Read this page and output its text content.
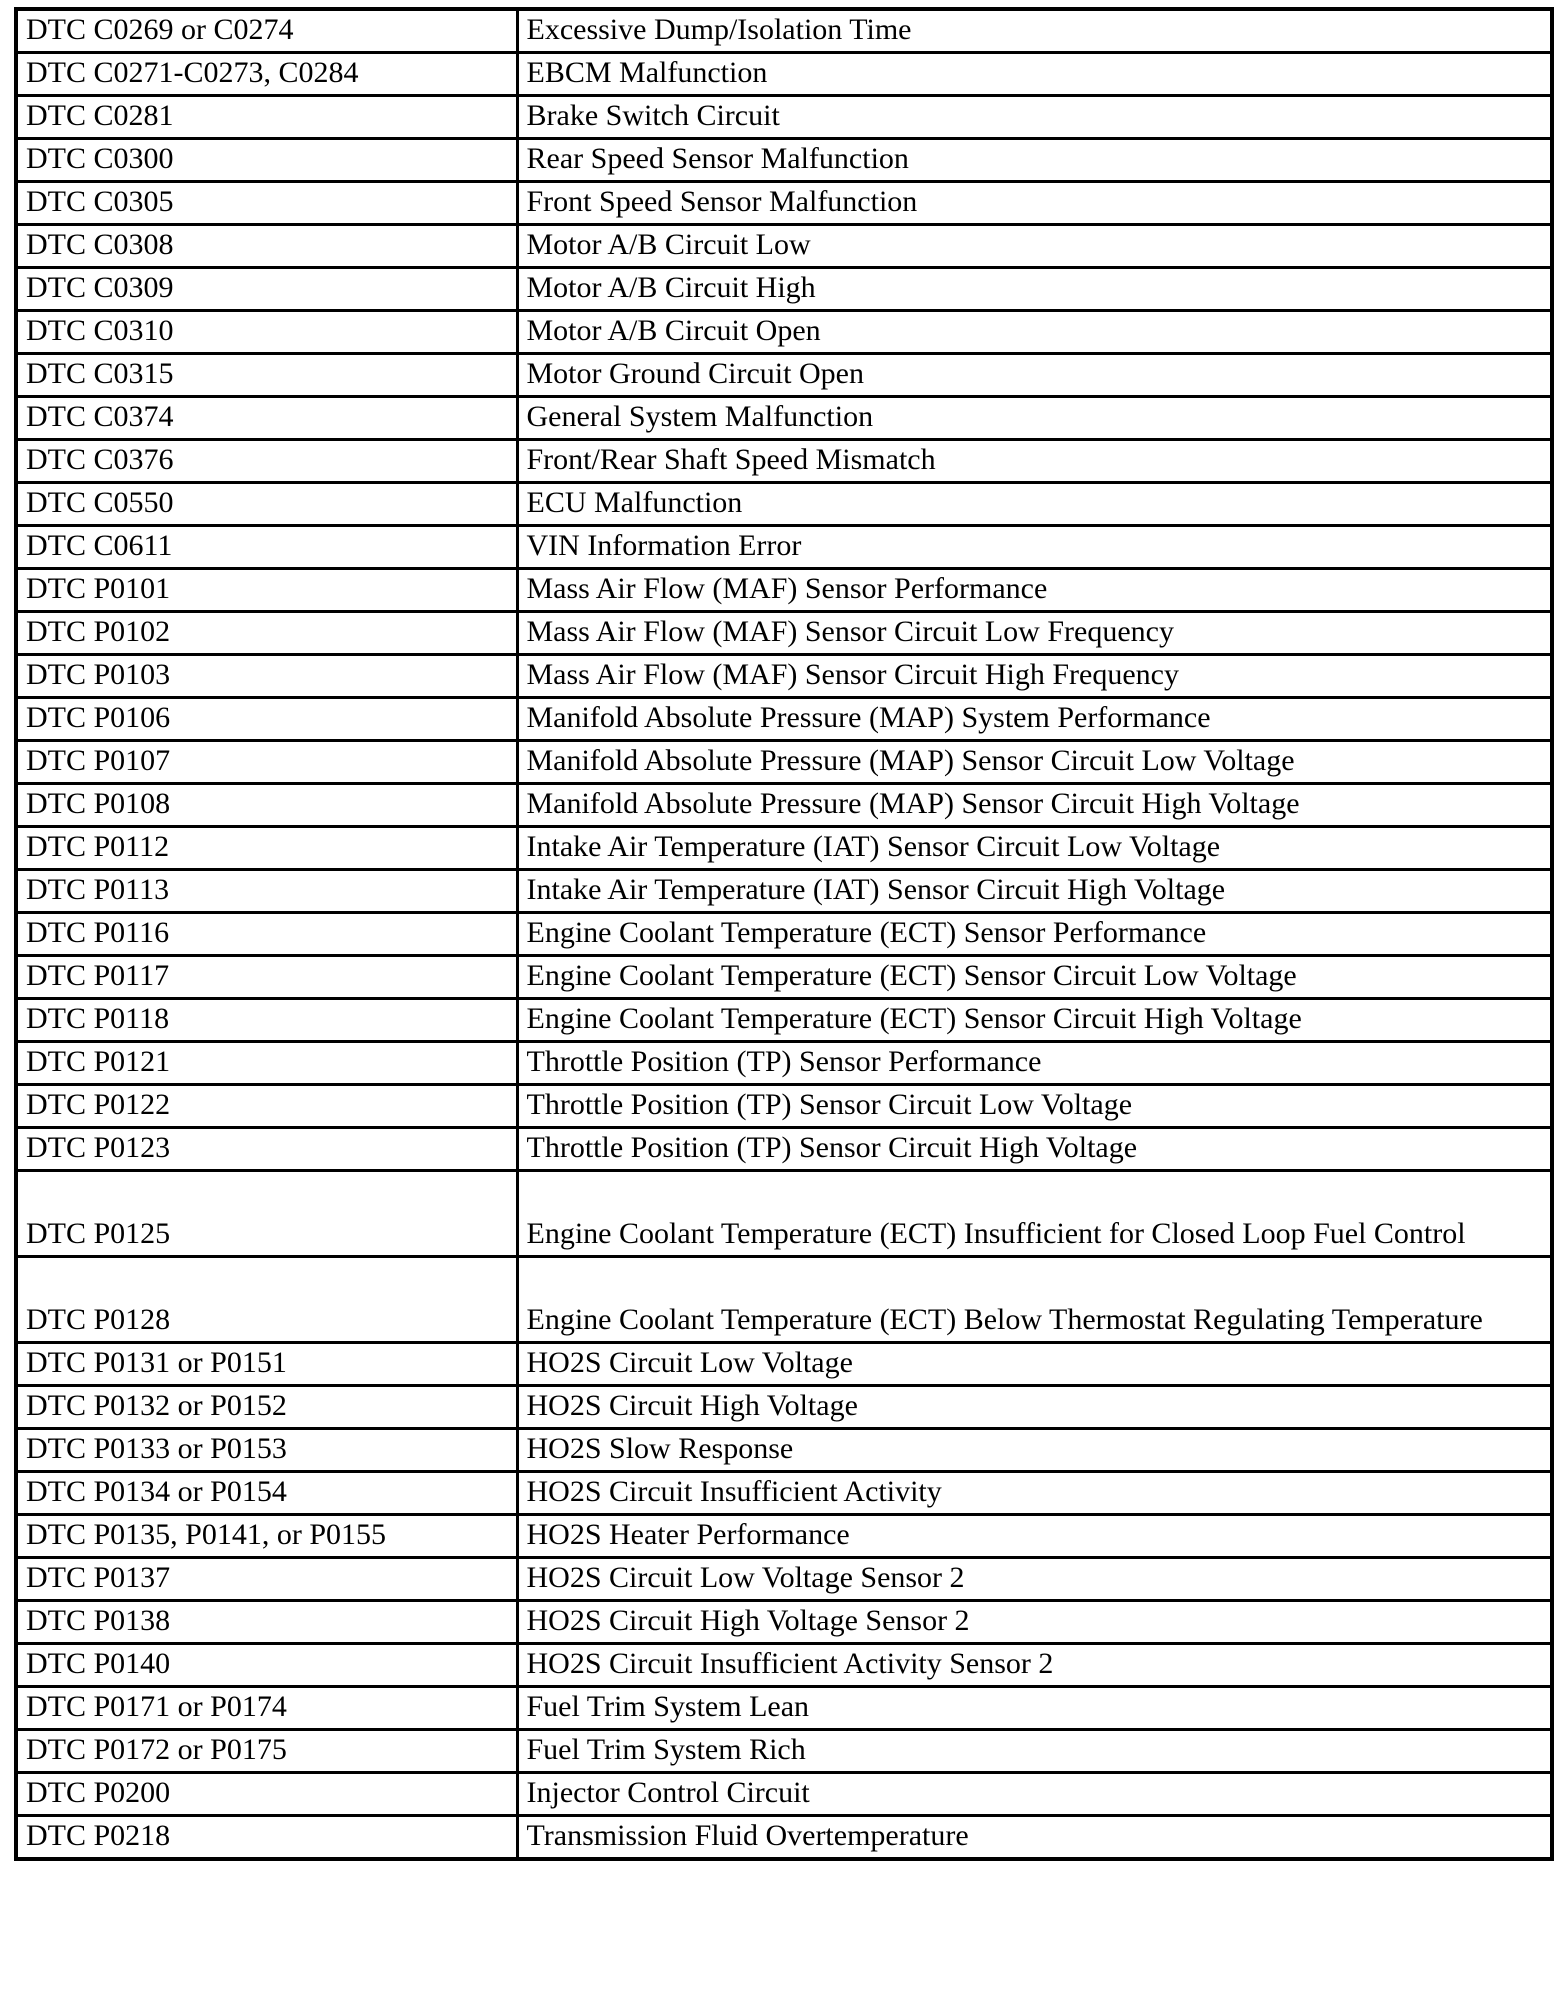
DTC C0269 or C0274	Excessive Dump/Isolation Time
DTC C0271-C0273, C0284	EBCM Malfunction
DTC C0281	Brake Switch Circuit
DTC C0300	Rear Speed Sensor Malfunction
DTC C0305	Front Speed Sensor Malfunction
DTC C0308	Motor A/B Circuit Low
DTC C0309	Motor A/B Circuit High
DTC C0310	Motor A/B Circuit Open
DTC C0315	Motor Ground Circuit Open
DTC C0374	General System Malfunction
DTC C0376	Front/Rear Shaft Speed Mismatch
DTC C0550	ECU Malfunction
DTC C0611	VIN Information Error
DTC P0101	Mass Air Flow (MAF) Sensor Performance
DTC P0102	Mass Air Flow (MAF) Sensor Circuit Low Frequency
DTC P0103	Mass Air Flow (MAF) Sensor Circuit High Frequency
DTC P0106	Manifold Absolute Pressure (MAP) System Performance
DTC P0107	Manifold Absolute Pressure (MAP) Sensor Circuit Low Voltage
DTC P0108	Manifold Absolute Pressure (MAP) Sensor Circuit High Voltage
DTC P0112	Intake Air Temperature (IAT) Sensor Circuit Low Voltage
DTC P0113	Intake Air Temperature (IAT) Sensor Circuit High Voltage
DTC P0116	Engine Coolant Temperature (ECT) Sensor Performance
DTC P0117	Engine Coolant Temperature (ECT) Sensor Circuit Low Voltage
DTC P0118	Engine Coolant Temperature (ECT) Sensor Circuit High Voltage
DTC P0121	Throttle Position (TP) Sensor Performance
DTC P0122	Throttle Position (TP) Sensor Circuit Low Voltage
DTC P0123	Throttle Position (TP) Sensor Circuit High Voltage
DTC P0125	Engine Coolant Temperature (ECT) Insufficient for Closed Loop Fuel Control
DTC P0128	Engine Coolant Temperature (ECT) Below Thermostat Regulating Temperature
DTC P0131 or P0151	HO2S Circuit Low Voltage
DTC P0132 or P0152	HO2S Circuit High Voltage
DTC P0133 or P0153	HO2S Slow Response
DTC P0134 or P0154	HO2S Circuit Insufficient Activity
DTC P0135, P0141, or P0155	HO2S Heater Performance
DTC P0137	HO2S Circuit Low Voltage Sensor 2
DTC P0138	HO2S Circuit High Voltage Sensor 2
DTC P0140	HO2S Circuit Insufficient Activity Sensor 2
DTC P0171 or P0174	Fuel Trim System Lean
DTC P0172 or P0175	Fuel Trim System Rich
DTC P0200	Injector Control Circuit
DTC P0218	Transmission Fluid Overtemperature
